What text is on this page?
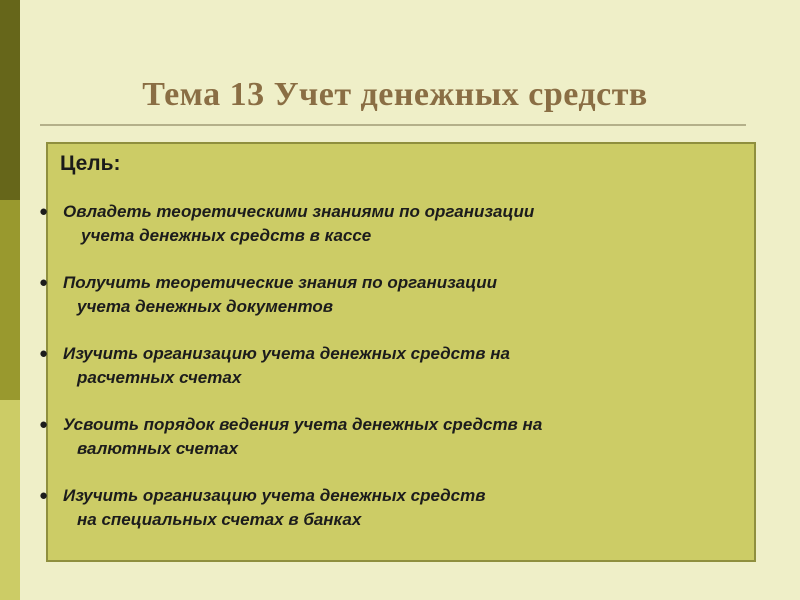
Тема 13 Учет денежных средств
Цель:
● Овладеть теоретическими знаниями по организации
учета денежных средств в кассе
● Получить теоретические знания по организации
учета денежных документов
● Изучить организацию учета денежных средств на
расчетных счетах
● Усвоить порядок ведения учета денежных средств на
валютных счетах
● Изучить организацию учета денежных средств
на специальных счетах в банках
